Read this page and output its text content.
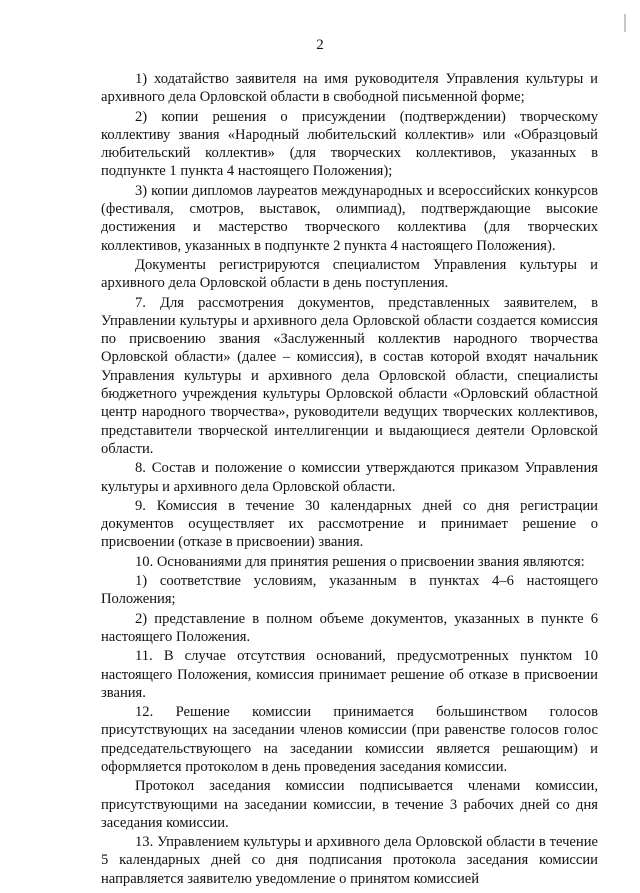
2

1) ходатайство заявителя на имя руководителя Управления культуры и архивного дела Орловской области в свободной письменной форме;

2) копии решения о присуждении (подтверждении) творческому коллективу звания «Народный любительский коллектив» или «Образцовый любительский коллектив» (для творческих коллективов, указанных в подпункте 1 пункта 4 настоящего Положения);

3) копии дипломов лауреатов международных и всероссийских конкурсов (фестиваля, смотров, выставок, олимпиад), подтверждающие высокие достижения и мастерство творческого коллектива (для творческих коллективов, указанных в подпункте 2 пункта 4 настоящего Положения).

Документы регистрируются специалистом Управления культуры и архивного дела Орловской области в день поступления.

7. Для рассмотрения документов, представленных заявителем, в Управлении культуры и архивного дела Орловской области создается комиссия по присвоению звания «Заслуженный коллектив народного творчества Орловской области» (далее – комиссия), в состав которой входят начальник Управления культуры и архивного дела Орловской области, специалисты бюджетного учреждения культуры Орловской области «Орловский областной центр народного творчества», руководители ведущих творческих коллективов, представители творческой интеллигенции и выдающиеся деятели Орловской области.

8. Состав и положение о комиссии утверждаются приказом Управления культуры и архивного дела Орловской области.

9. Комиссия в течение 30 календарных дней со дня регистрации документов осуществляет их рассмотрение и принимает решение о присвоении (отказе в присвоении) звания.

10. Основаниями для принятия решения о присвоении звания являются:

1) соответствие условиям, указанным в пунктах 4–6 настоящего Положения;

2) представление в полном объеме документов, указанных в пункте 6 настоящего Положения.

11. В случае отсутствия оснований, предусмотренных пунктом 10 настоящего Положения, комиссия принимает решение об отказе в присвоении звания.

12. Решение комиссии принимается большинством голосов присутствующих на заседании членов комиссии (при равенстве голосов голос председательствующего на заседании комиссии является решающим) и оформляется протоколом в день проведения заседания комиссии.

Протокол заседания комиссии подписывается членами комиссии, присутствующими на заседании комиссии, в течение 3 рабочих дней со дня заседания комиссии.

13. Управлением культуры и архивного дела Орловской области в течение 5 календарных дней со дня подписания протокола заседания комиссии направляется заявителю уведомление о принятом комиссией
